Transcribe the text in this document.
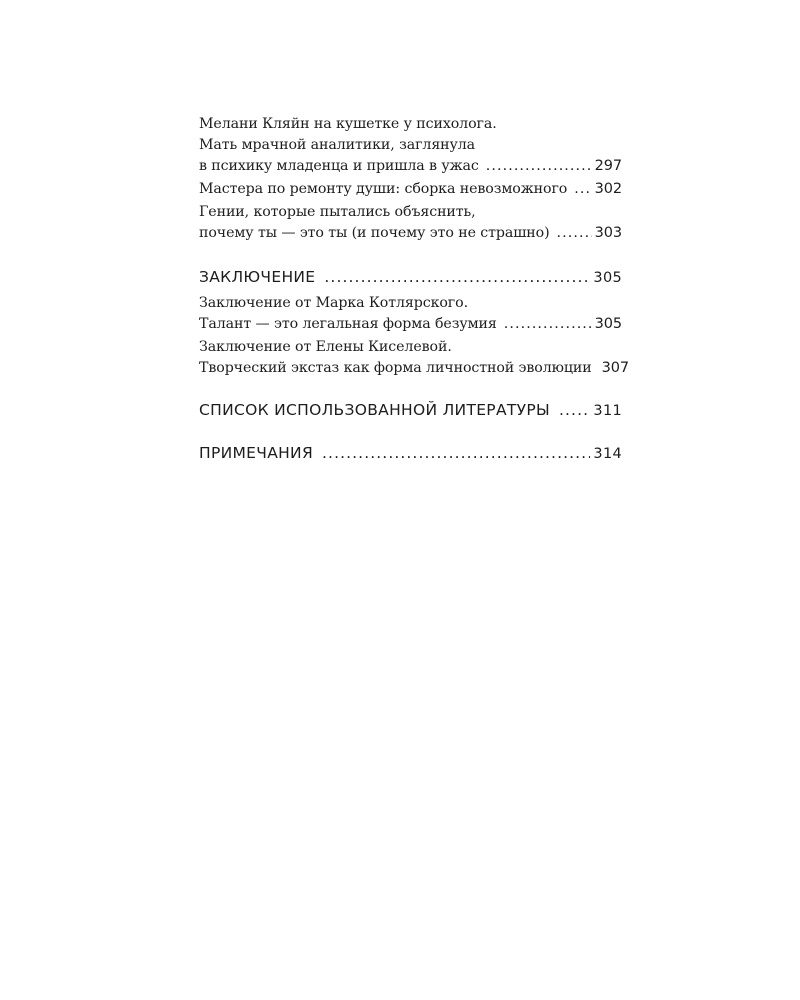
Мелани Кляйн на кушетке у психолога.
Мать мрачной аналитики, заглянула
в психику младенца и пришла в ужас .....	297
Мастера по ремонту души: сборка невозможного ..... 302
Гении, которые пытались объяснить,
почему ты — это ты (и почему это не страшно) .....	303
ЗАКЛЮЧЕНИЕ .....	305
Заключение от Марка Котлярского.
Талант — это легальная форма безумия .....	305
Заключение от Елены Киселевой.
Творческий экстаз как форма личностной эволюции 307
СПИСОК ИСПОЛЬЗОВАННОЙ ЛИТЕРАТУРЫ .....	311
ПРИМЕЧАНИЯ .....	314
